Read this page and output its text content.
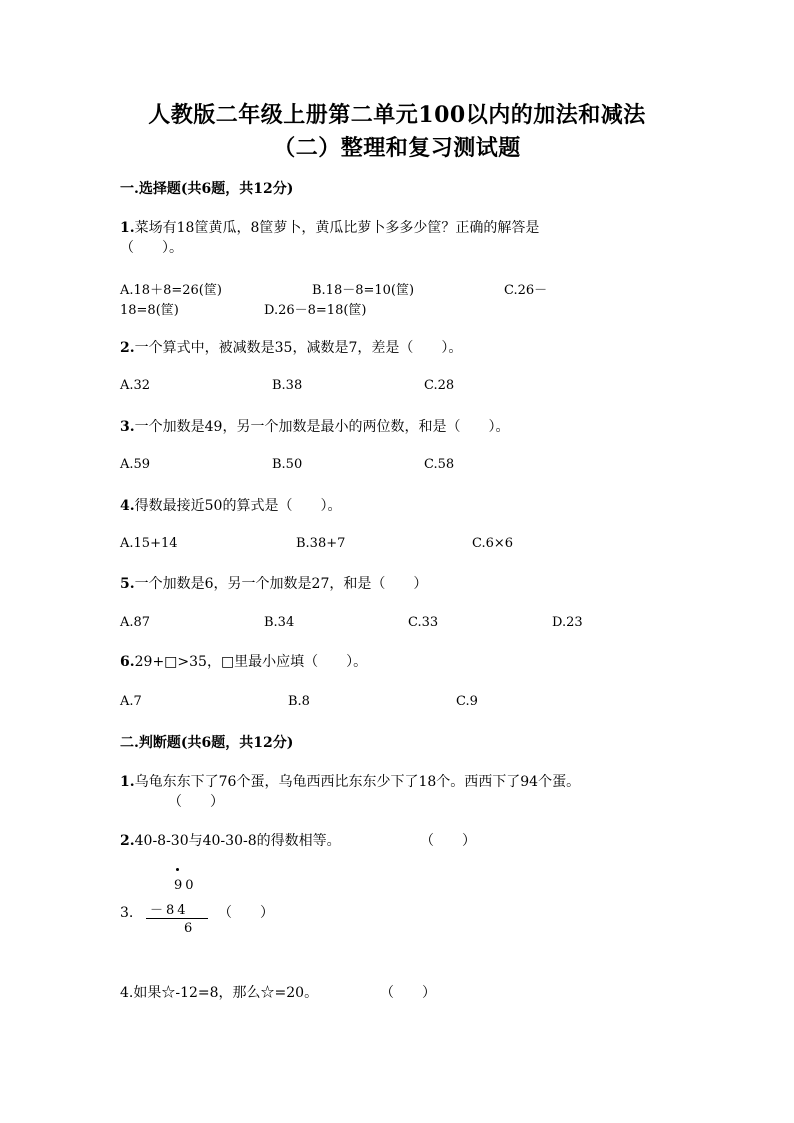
人教版二年级上册第二单元100以内的加法和减法
（二）整理和复习测试题
一.选择题(共6题，共12分)
1.菜场有18筐黄瓜，8筐萝卜，黄瓜比萝卜多多少筐？正确的解答是
（　　）。
A.18＋8=26(筐)	B.18－8=10(筐)	C.26－
18=8(筐)	D.26－8=18(筐)
2.一个算式中，被减数是35，减数是7，差是（　　）。
A.32	B.38	C.28
3.一个加数是49，另一个加数是最小的两位数，和是（　　）。
A.59	B.50	C.58
4.得数最接近50的算式是（　　）。
A.15+14	B.38+7	C.6×6
5.一个加数是6，另一个加数是27，和是（　　）
A.87	B.34	C.33	D.23
6.29+□>35，□里最小应填（　　）。
A.7	B.8	C.9
二.判断题(共6题，共12分)
1.乌龟东东下了76个蛋，乌龟西西比东东少下了18个。西西下了94个蛋。
（　　）
2.40-8-30与40-30-8的得数相等。	（　　）
3.
90
－84
6
（　　）
4.如果☆-12=8，那么☆=20。	（　　）
